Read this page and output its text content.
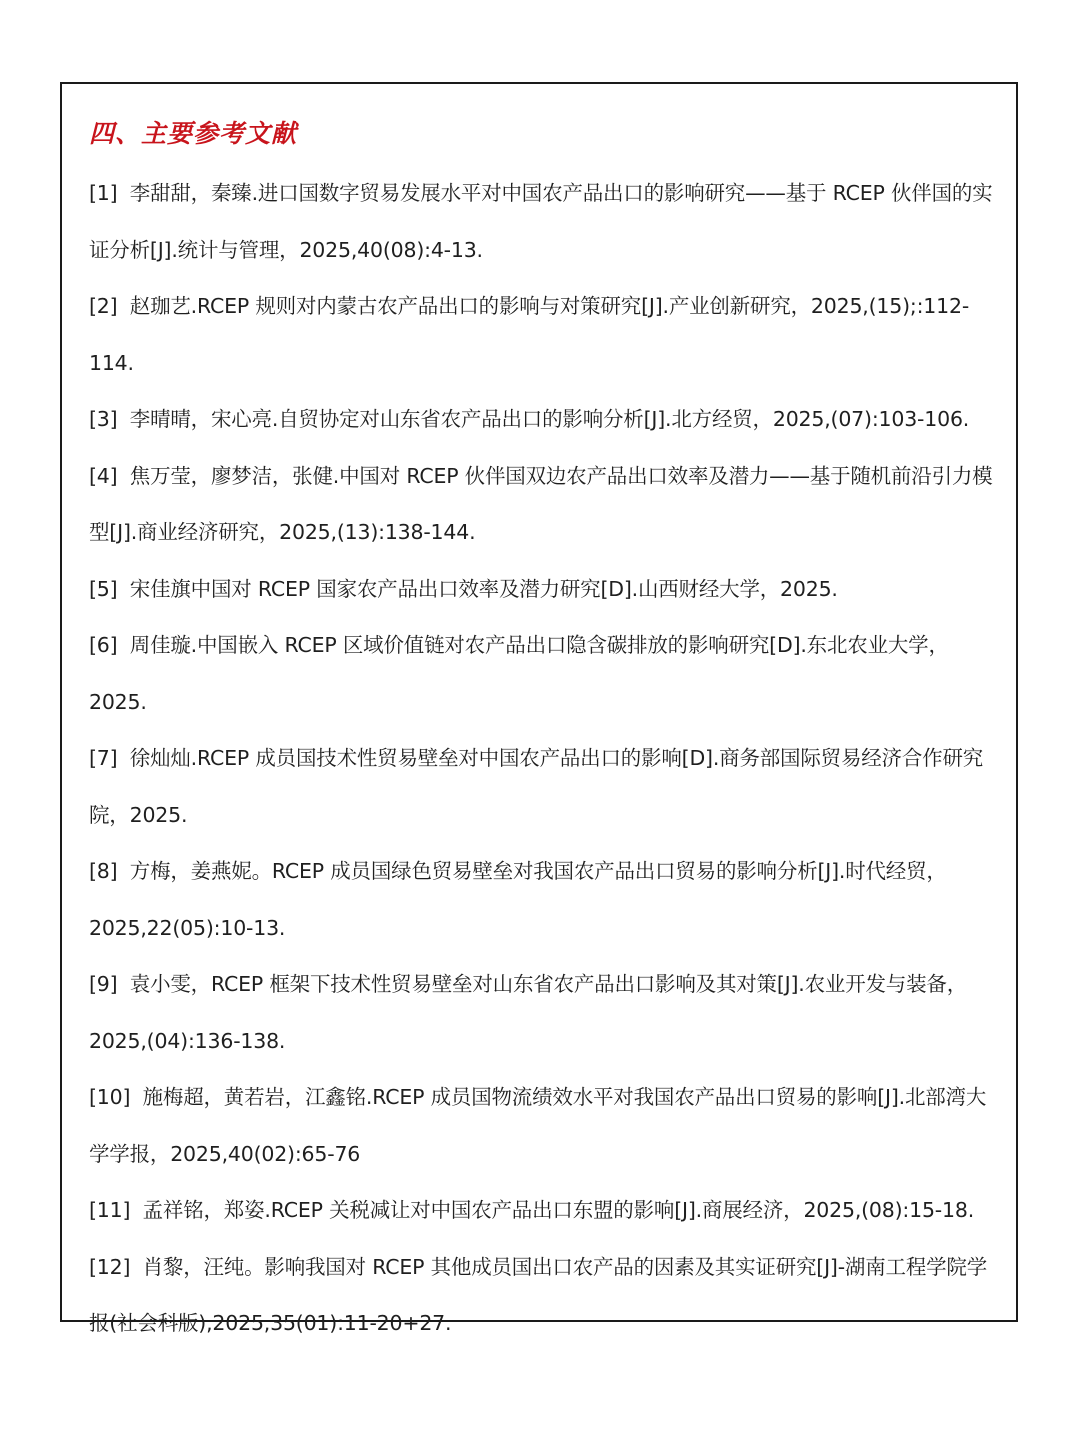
四、主要参考文献
[1] 李甜甜，秦臻.进口国数字贸易发展水平对中国农产品出口的影响研究——基于 RCEP 伙伴国的实证分析[J].统计与管理，2025,40(08):4-13.
[2] 赵珈艺.RCEP 规则对内蒙古农产品出口的影响与对策研究[J].产业创新研究，2025,(15);:112-114.
[3] 李晴晴，宋心亮.自贸协定对山东省农产品出口的影响分析[J].北方经贸，2025,(07):103-106.
[4] 焦万莹，廖梦洁，张健.中国对 RCEP 伙伴国双边农产品出口效率及潜力——基于随机前沿引力模型[J].商业经济研究，2025,(13):138-144.
[5] 宋佳旗中国对 RCEP 国家农产品出口效率及潜力研究[D].山西财经大学，2025.
[6] 周佳璇.中国嵌入 RCEP 区域价值链对农产品出口隐含碳排放的影响研究[D].东北农业大学，2025.
[7] 徐灿灿.RCEP 成员国技术性贸易壁垒对中国农产品出口的影响[D].商务部国际贸易经济合作研究院，2025.
[8] 方梅，姜燕妮。RCEP 成员国绿色贸易壁垒对我国农产品出口贸易的影响分析[J].时代经贸，2025,22(05):10-13.
[9] 袁小雯，RCEP 框架下技术性贸易壁垒对山东省农产品出口影响及其对策[J].农业开发与装备，2025,(04):136-138.
[10] 施梅超，黄若岩，江鑫铭.RCEP 成员国物流绩效水平对我国农产品出口贸易的影响[J].北部湾大学学报，2025,40(02):65-76
[11] 孟祥铭，郑姿.RCEP 关税减让对中国农产品出口东盟的影响[J].商展经济，2025,(08):15-18.
[12] 肖黎，汪纯。影响我国对 RCEP 其他成员国出口农产品的因素及其实证研究[J]-湖南工程学院学报(社会科版),2025,35(01):11-20+27.
